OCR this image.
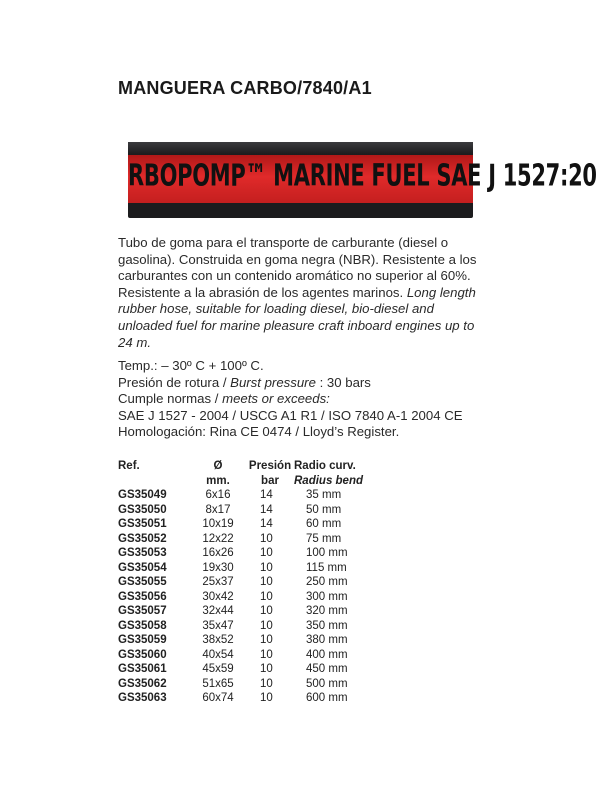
MANGUERA CARBO/7840/A1
RBOPOMP™ MARINE FUEL SAE J 1527:20
Tubo de goma para el transporte de carburante (diesel o gasolina). Construida en goma negra (NBR). Resistente a los carburantes con un contenido aromático no superior al 60%. Resistente a la abrasión de los agentes marinos. Long length rubber hose, suitable for loading diesel, bio-diesel and unloaded fuel for marine pleasure craft inboard engines up to 24 m.
Temp.: – 30º C + 100º C.
Presión de rotura / Burst pressure : 30 bars
Cumple normas / meets or exceeds:
SAE J 1527 - 2004 / USCG A1 R1 / ISO 7840 A-1 2004 CE
Homologación: Rina CE 0474 / Lloyd’s Register.
Ref.	Ø	Presión	Radio curv.
	mm.	bar	Radius bend
GS35049	6x16	14	35 mm
GS35050	8x17	14	50 mm
GS35051	10x19	14	60 mm
GS35052	12x22	10	75 mm
GS35053	16x26	10	100 mm
GS35054	19x30	10	115 mm
GS35055	25x37	10	250 mm
GS35056	30x42	10	300 mm
GS35057	32x44	10	320 mm
GS35058	35x47	10	350 mm
GS35059	38x52	10	380 mm
GS35060	40x54	10	400 mm
GS35061	45x59	10	450 mm
GS35062	51x65	10	500 mm
GS35063	60x74	10	600 mm
